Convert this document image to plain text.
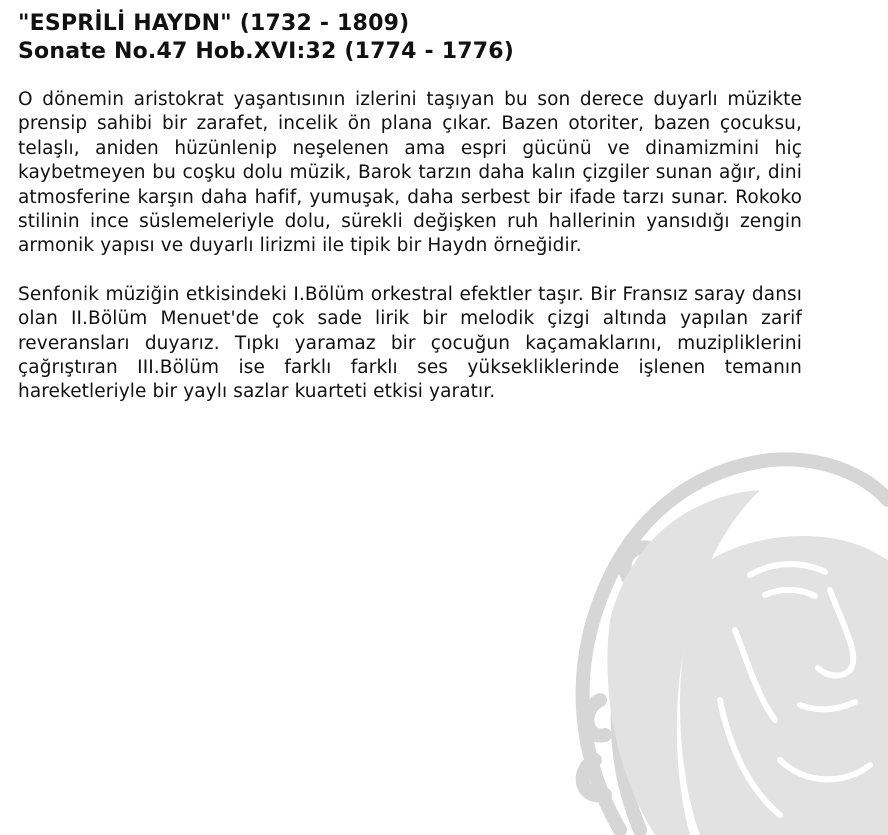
"ESPRİLİ HAYDN" (1732 - 1809)
Sonate No.47 Hob.XVI:32 (1774 - 1776)

O dönemin aristokrat yaşantısının izlerini taşıyan bu son derece duyarlı müzikte prensip sahibi bir zarafet, incelik ön plana çıkar. Bazen otoriter, bazen çocuksu, telaşlı, aniden hüzünlenip neşelenen ama espri gücünü ve dinamizmini hiç kaybetmeyen bu coşku dolu müzik, Barok tarzın daha kalın çizgiler sunan ağır, dini atmosferine karşın daha hafif, yumuşak, daha serbest bir ifade tarzı sunar. Rokoko stilinin ince süslemeleriyle dolu, sürekli değişken ruh hallerinin yansıdığı zengin armonik yapısı ve duyarlı lirizmi ile tipik bir Haydn örneğidir.

Senfonik müziğin etkisindeki I.Bölüm orkestral efektler taşır. Bir Fransız saray dansı olan II.Bölüm Menuet'de çok sade lirik bir melodik çizgi altında yapılan zarif reveransları duyarız. Tıpkı yaramaz bir çocuğun kaçamaklarını, muzipliklerini çağrıştıran III.Bölüm ise farklı farklı ses yüksekliklerinde işlenen temanın hareketleriyle bir yaylı sazlar kuarteti etkisi yaratır.
